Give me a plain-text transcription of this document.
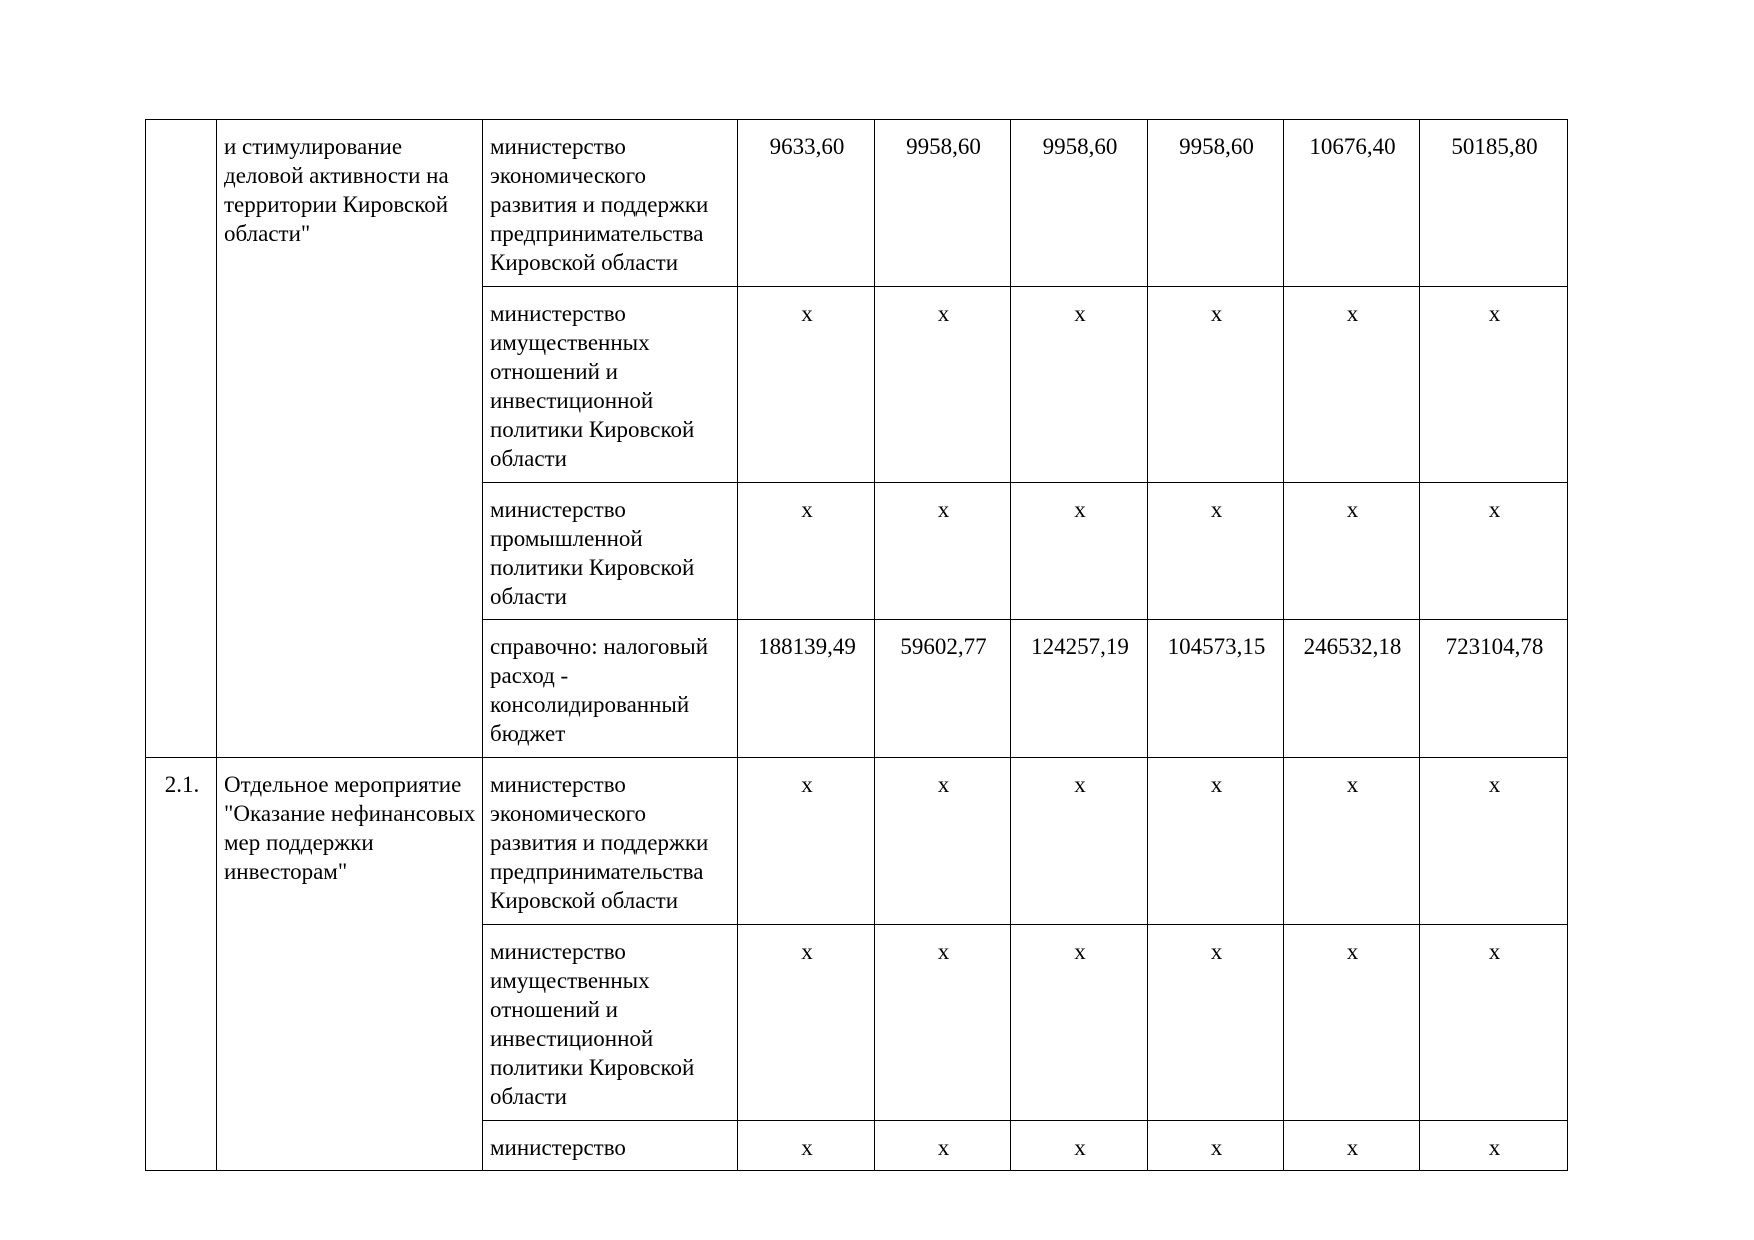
	и стимулирование деловой активности на территории Кировской области"	министерство экономического развития и поддержки предпринимательства Кировской области	9633,60	9958,60	9958,60	9958,60	10676,40	50185,80
		министерство имущественных отношений и инвестиционной политики Кировской области	x	x	x	x	x	x
		министерство промышленной политики Кировской области	x	x	x	x	x	x
		справочно: налоговый расход - консолидированный бюджет	188139,49	59602,77	124257,19	104573,15	246532,18	723104,78
2.1.	Отдельное мероприятие "Оказание нефинансовых мер поддержки инвесторам"	министерство экономического развития и поддержки предпринимательства Кировской области	x	x	x	x	x	x
		министерство имущественных отношений и инвестиционной политики Кировской области	x	x	x	x	x	x
		министерство	x	x	x	x	x	x
